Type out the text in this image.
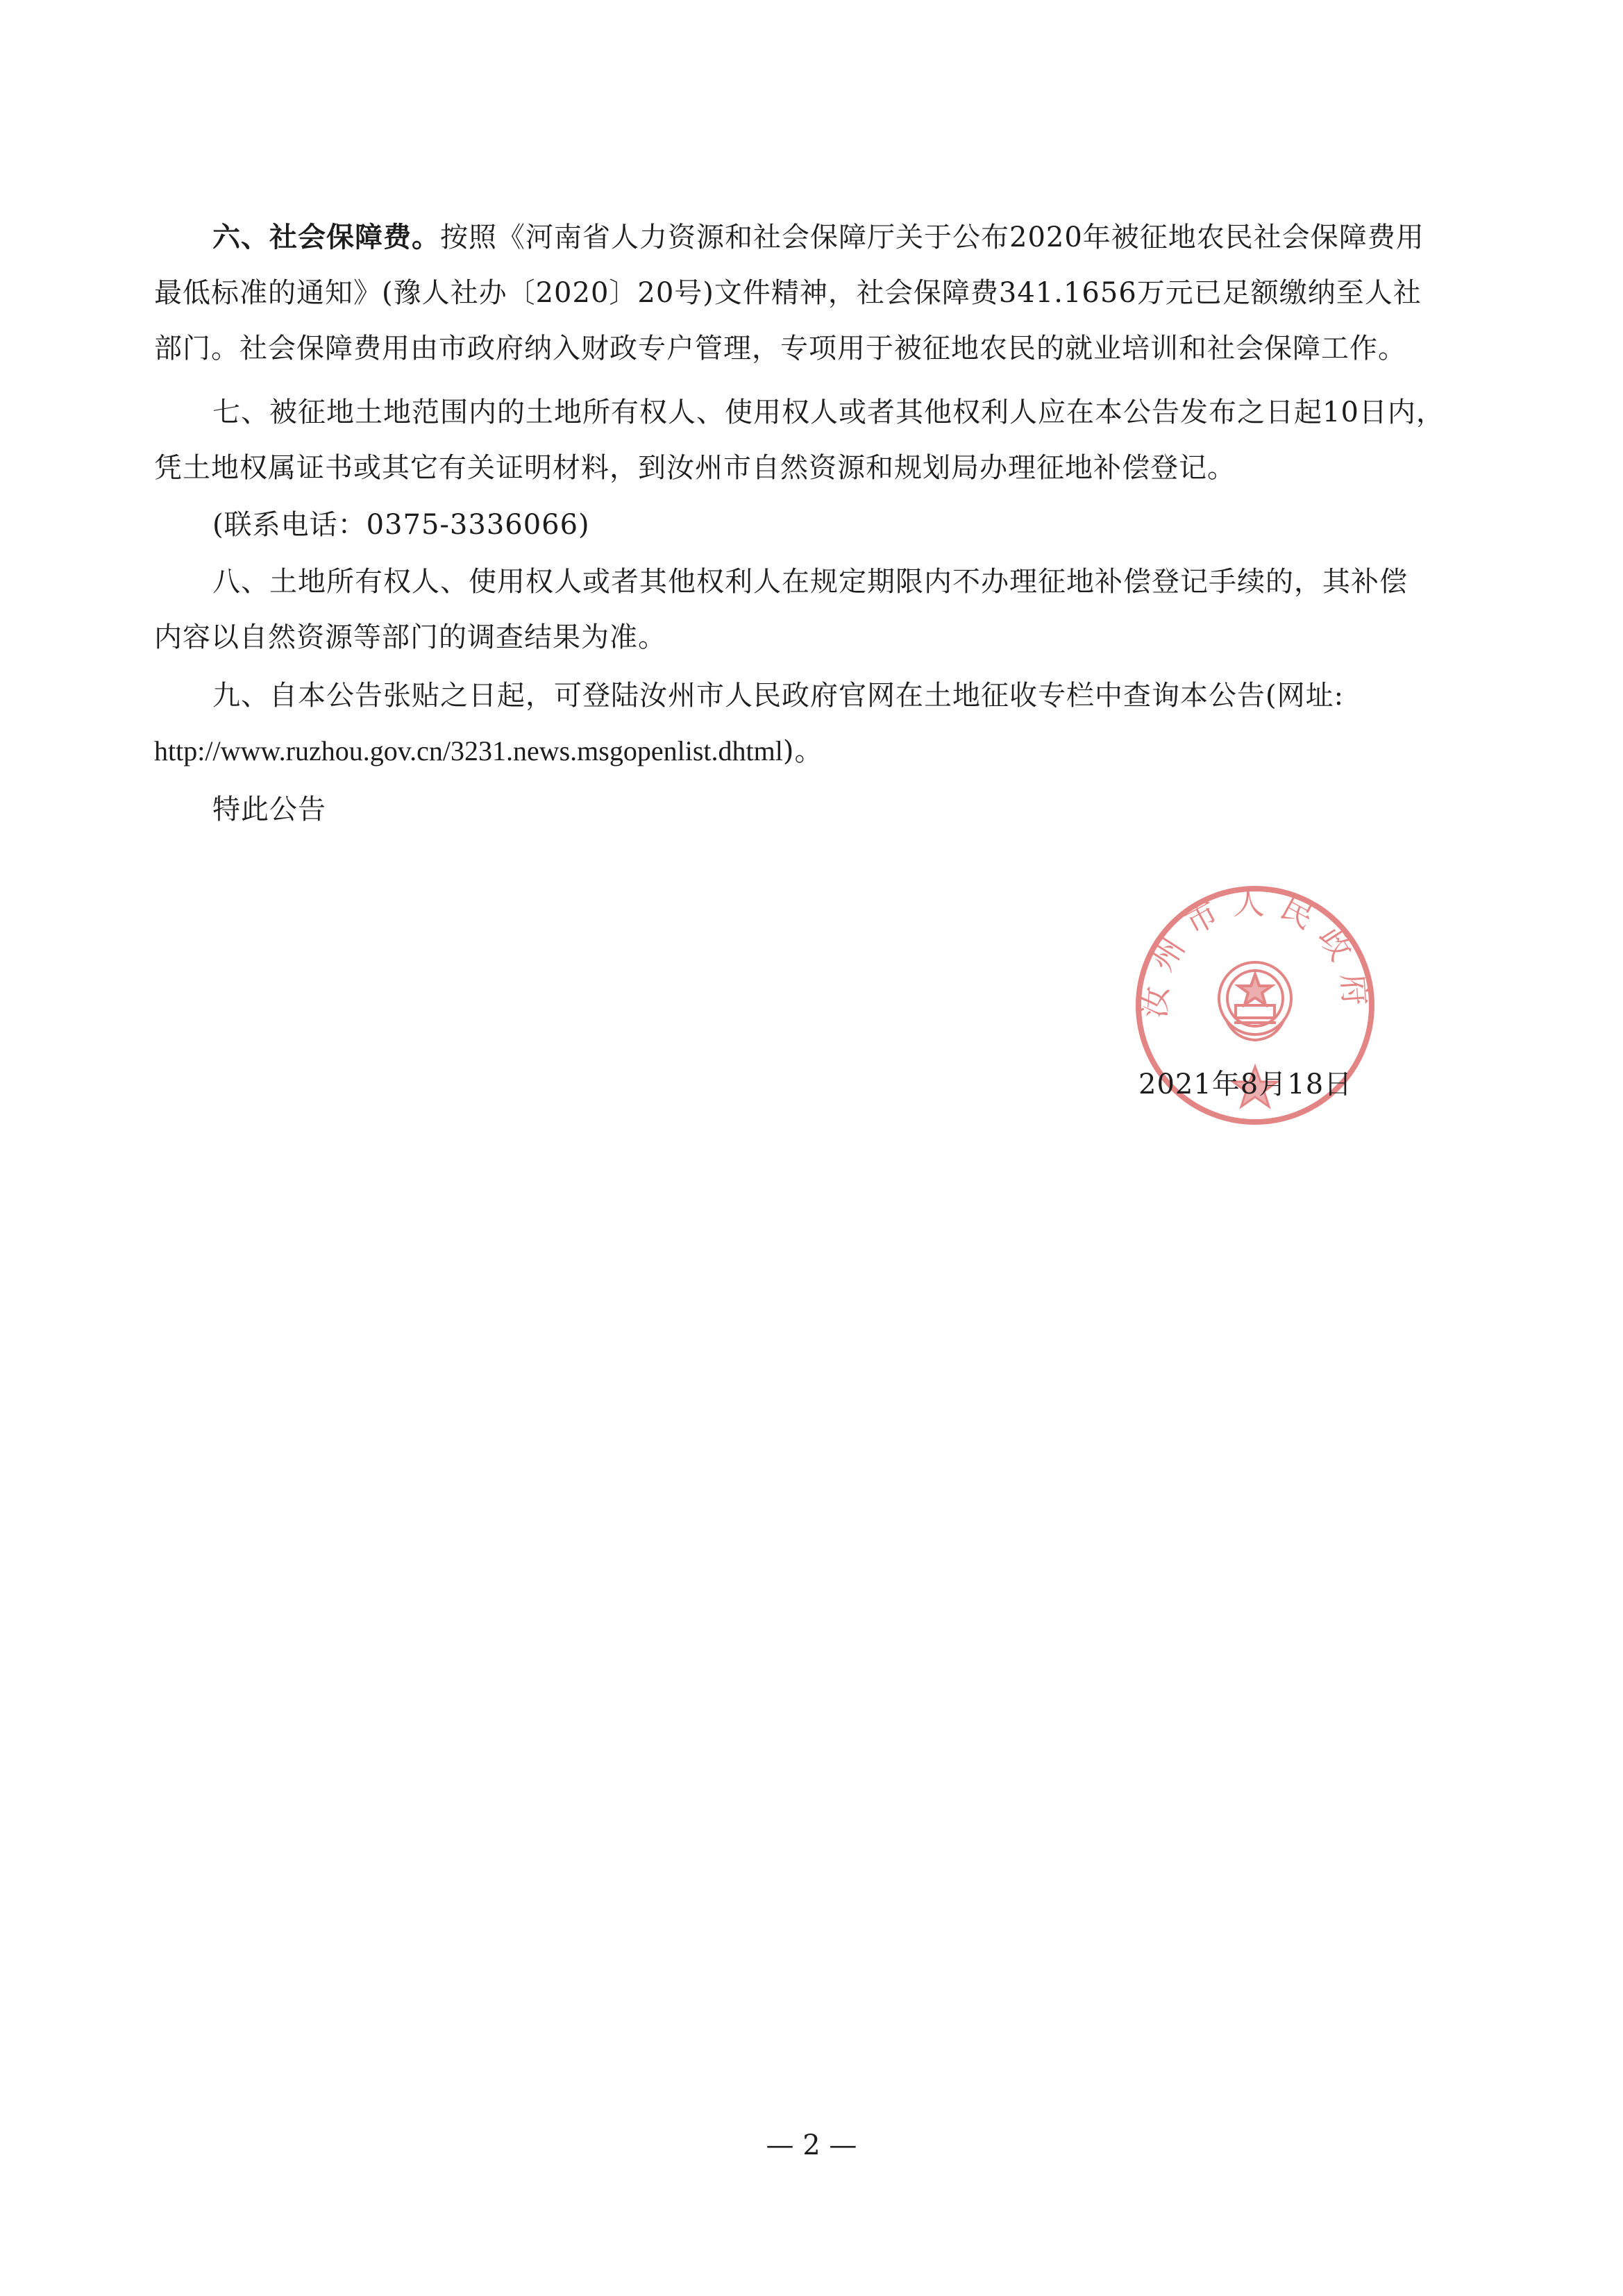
六、社会保障费。按照《河南省人力资源和社会保障厅关于公布2020年被征地农民社会保障费用
最低标准的通知》(豫人社办〔2020〕20号)文件精神，社会保障费341.1656万元已足额缴纳至人社
部门。社会保障费用由市政府纳入财政专户管理，专项用于被征地农民的就业培训和社会保障工作。
七、被征地土地范围内的土地所有权人、使用权人或者其他权利人应在本公告发布之日起10日内，
凭土地权属证书或其它有关证明材料，到汝州市自然资源和规划局办理征地补偿登记。
(联系电话：0375-3336066)
八、土地所有权人、使用权人或者其他权利人在规定期限内不办理征地补偿登记手续的，其补偿
内容以自然资源等部门的调查结果为准。
九、自本公告张贴之日起，可登陆汝州市人民政府官网在土地征收专栏中查询本公告(网址:
http://www.ruzhou.gov.cn/3231.news.msgopenlist.dhtml)。
特此公告
汝州市人民政府
2021年8月18日
— 2 —
